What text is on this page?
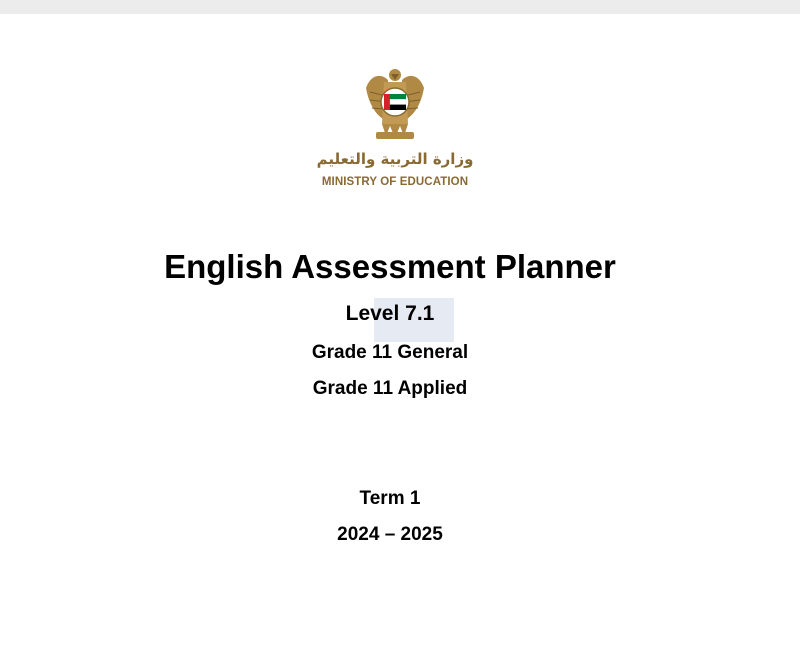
وزارة التربية والتعليم
MINISTRY OF EDUCATION
English Assessment Planner
Level 7.1
Grade 11 General
Grade 11 Applied
Term 1
2024 – 2025
